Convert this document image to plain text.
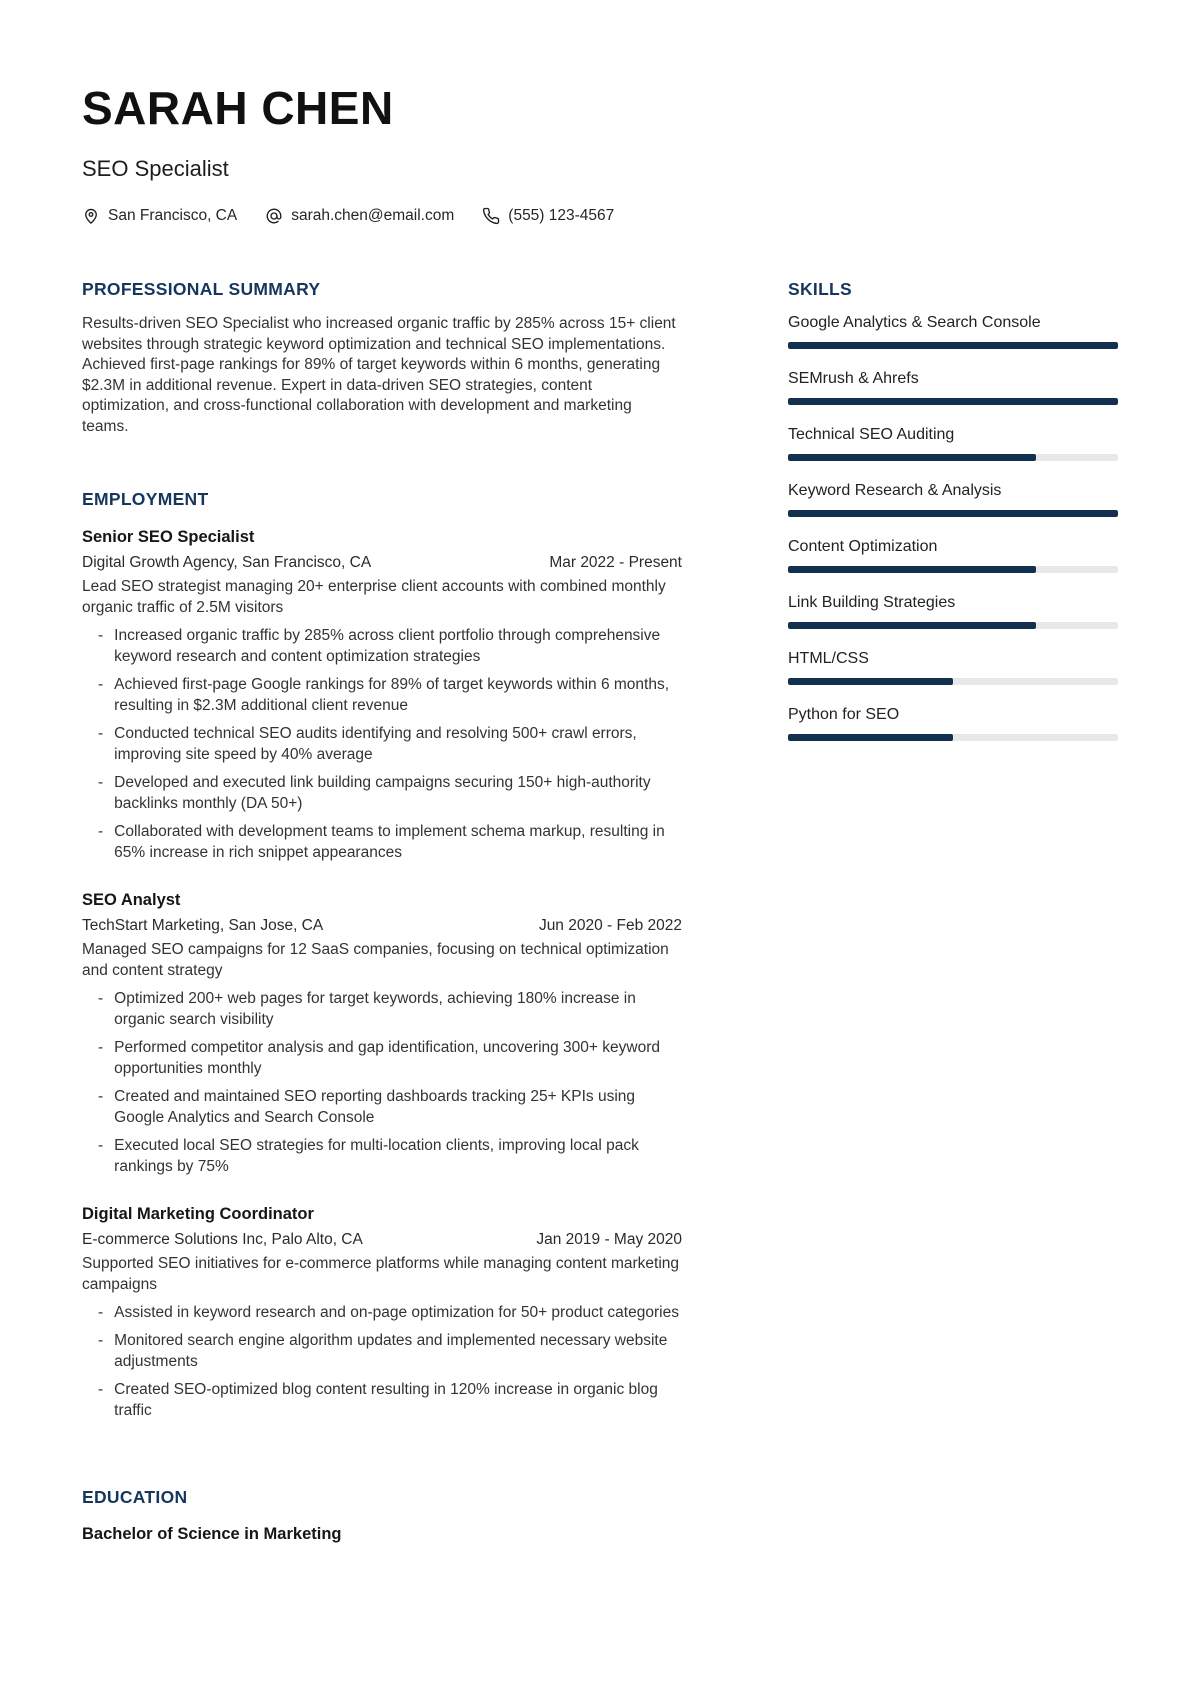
SARAH CHEN
SEO Specialist
San Francisco, CA	sarah.chen@email.com	(555) 123-4567
PROFESSIONAL SUMMARY

Results-driven SEO Specialist who increased organic traffic by 285% across 15+ client websites through strategic keyword optimization and technical SEO implementations. Achieved first-page rankings for 89% of target keywords within 6 months, generating $2.3M in additional revenue. Expert in data-driven SEO strategies, content optimization, and cross-functional collaboration with development and marketing teams.

EMPLOYMENT
Senior SEO Specialist
Digital Growth Agency, San Francisco, CA	Mar 2022 - Present

Lead SEO strategist managing 20+ enterprise client accounts with combined monthly organic traffic of 2.5M visitors

- Increased organic traffic by 285% across client portfolio through comprehensive keyword research and content optimization strategies
- Achieved first-page Google rankings for 89% of target keywords within 6 months, resulting in $2.3M additional client revenue
- Conducted technical SEO audits identifying and resolving 500+ crawl errors, improving site speed by 40% average
- Developed and executed link building campaigns securing 150+ high-authority backlinks monthly (DA 50+)
- Collaborated with development teams to implement schema markup, resulting in 65% increase in rich snippet appearances
SEO Analyst
TechStart Marketing, San Jose, CA	Jun 2020 - Feb 2022

Managed SEO campaigns for 12 SaaS companies, focusing on technical optimization and content strategy

- Optimized 200+ web pages for target keywords, achieving 180% increase in organic search visibility
- Performed competitor analysis and gap identification, uncovering 300+ keyword opportunities monthly
- Created and maintained SEO reporting dashboards tracking 25+ KPIs using Google Analytics and Search Console
- Executed local SEO strategies for multi-location clients, improving local pack rankings by 75%
Digital Marketing Coordinator
E-commerce Solutions Inc, Palo Alto, CA	Jan 2019 - May 2020

Supported SEO initiatives for e-commerce platforms while managing content marketing campaigns

- Assisted in keyword research and on-page optimization for 50+ product categories
- Monitored search engine algorithm updates and implemented necessary website adjustments
- Created SEO-optimized blog content resulting in 120% increase in organic blog traffic
EDUCATION
Bachelor of Science in Marketing
SKILLS
Google Analytics & Search Console
SEMrush & Ahrefs
Technical SEO Auditing
Keyword Research & Analysis
Content Optimization
Link Building Strategies
HTML/CSS
Python for SEO
